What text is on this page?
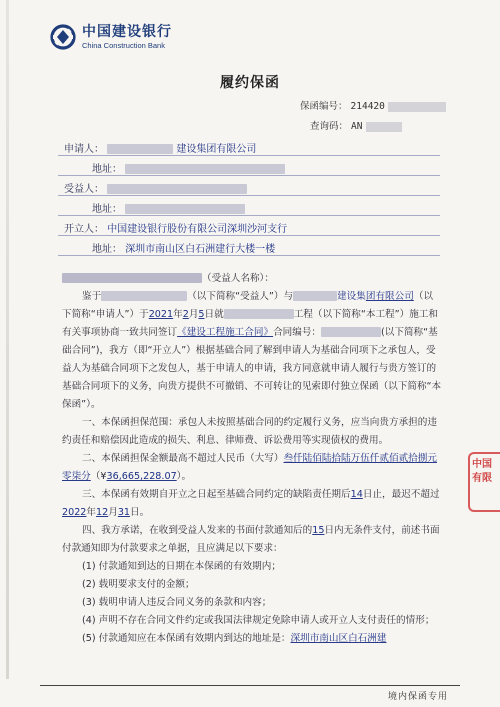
中国建设银行
China Construction Bank
履约保函
保函编号： 214420
查询码： AN
申请人：	建设集团有限公司
地址：
受益人：
地址：
开立人： 中国建设银行股份有限公司深圳沙河支行
地址： 深圳市南山区白石洲建行大楼一楼

（受益人名称）：

鉴于	（以下简称“受益人”）与	建设集团有限公司（以下简称“申请人”）于2021年2月5日就	工程（以下简称“本工程”）施工和有关事项协商一致共同签订《建设工程施工合同》合同编号：	(以下简称“基础合同”)，我方（即“开立人”）根据基础合同了解到申请人为基础合同项下之承包人，受益人为基础合同项下之发包人，基于申请人的申请，我方同意就申请人履行与贵方签订的基础合同项下的义务，向贵方提供不可撤销、不可转让的见索即付独立保函（以下简称“本保函”）。

一、本保函担保范围：承包人未按照基础合同的约定履行义务，应当向贵方承担的违约责任和赔偿因此造成的损失、利息、律师费、诉讼费用等实现债权的费用。

二、本保函担保金额最高不超过人民币（大写）叁仟陆佰陆拾陆万伍仟贰佰贰拾捌元零柒分（¥36,665,228.07）。

三、本保函有效期自开立之日起至基础合同约定的缺陷责任期后14日止，最迟不超过2022年12月31日。

四、我方承诺，在收到受益人发来的书面付款通知后的15日内无条件支付，前述书面付款通知即为付款要求之单据，且应满足以下要求：

(1) 付款通知到达的日期在本保函的有效期内；

(2) 载明要求支付的金额；

(3) 载明申请人违反合同义务的条款和内容；

(4) 声明不存在合同文件约定或我国法律规定免除申请人或开立人支付责任的情形；

(5) 付款通知应在本保函有效期内到达的地址是：深圳市南山区白石洲建

中国
有限
境内保函专用
